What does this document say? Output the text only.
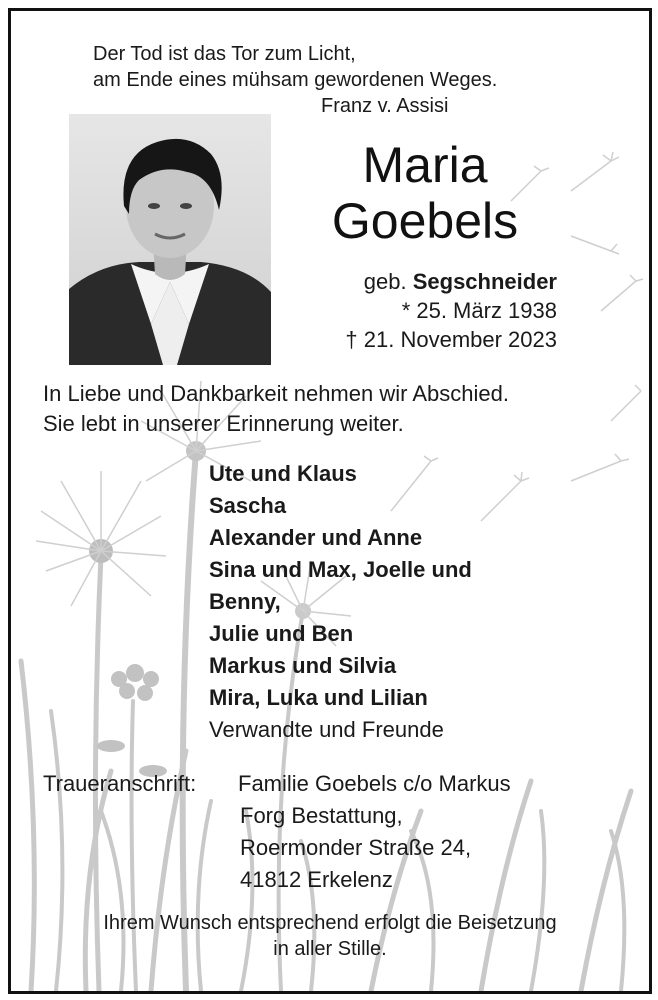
Der Tod ist das Tor zum Licht,
am Ende eines mühsam gewordenen Weges.

Franz v. Assisi

Maria
Goebels
geb. Segschneider
* 25. März 1938
† 21. November 2023

In Liebe und Dankbarkeit nehmen wir Abschied.
Sie lebt in unserer Erinnerung weiter.

Ute und Klaus
Sascha
Alexander und Anne
Sina und Max, Joelle und
Benny,
Julie und Ben
Markus und Silvia
Mira, Luka und Lilian
Verwandte und Freunde
Traueranschrift: Familie Goebels c/o Markus
Forg Bestattung,
Roermonder Straße 24,
41812 Erkelenz

Ihrem Wunsch entsprechend erfolgt die Beisetzung
in aller Stille.
